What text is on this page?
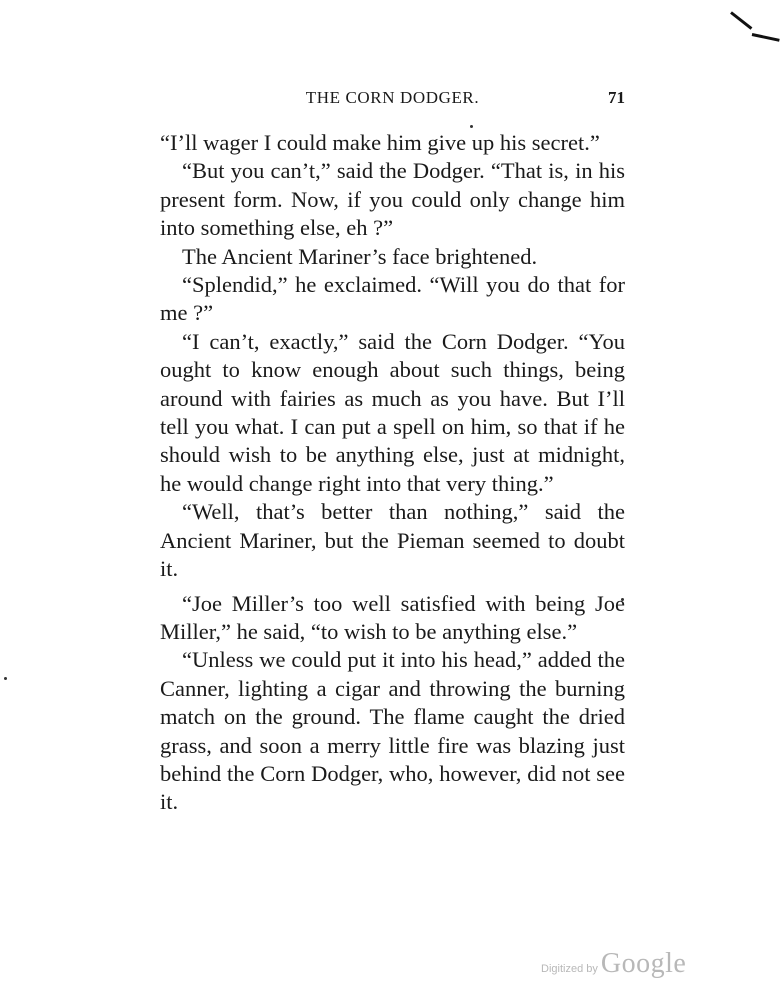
THE CORN DODGER.	71

“I’ll wager I could make him give up his secret.”

“But you can’t,” said the Dodger. “That is, in his present form. Now, if you could only change him into something else, eh ?”

The Ancient Mariner’s face brightened.

“Splendid,” he exclaimed. “Will you do that for me ?”

“I can’t, exactly,” said the Corn Dodger. “You ought to know enough about such things, being around with fairies as much as you have. But I’ll tell you what. I can put a spell on him, so that if he should wish to be anything else, just at midnight, he would change right into that very thing.”

“Well, that’s better than nothing,” said the Ancient Mariner, but the Pieman seemed to doubt it.

“Joe Miller’s too well satisfied with being Joe Miller,” he said, “to wish to be anything else.”

“Unless we could put it into his head,” added the Canner, lighting a cigar and throwing the burning match on the ground. The flame caught the dried grass, and soon a merry little fire was blazing just behind the Corn Dodger, who, however, did not see it.

Digitized by Google
